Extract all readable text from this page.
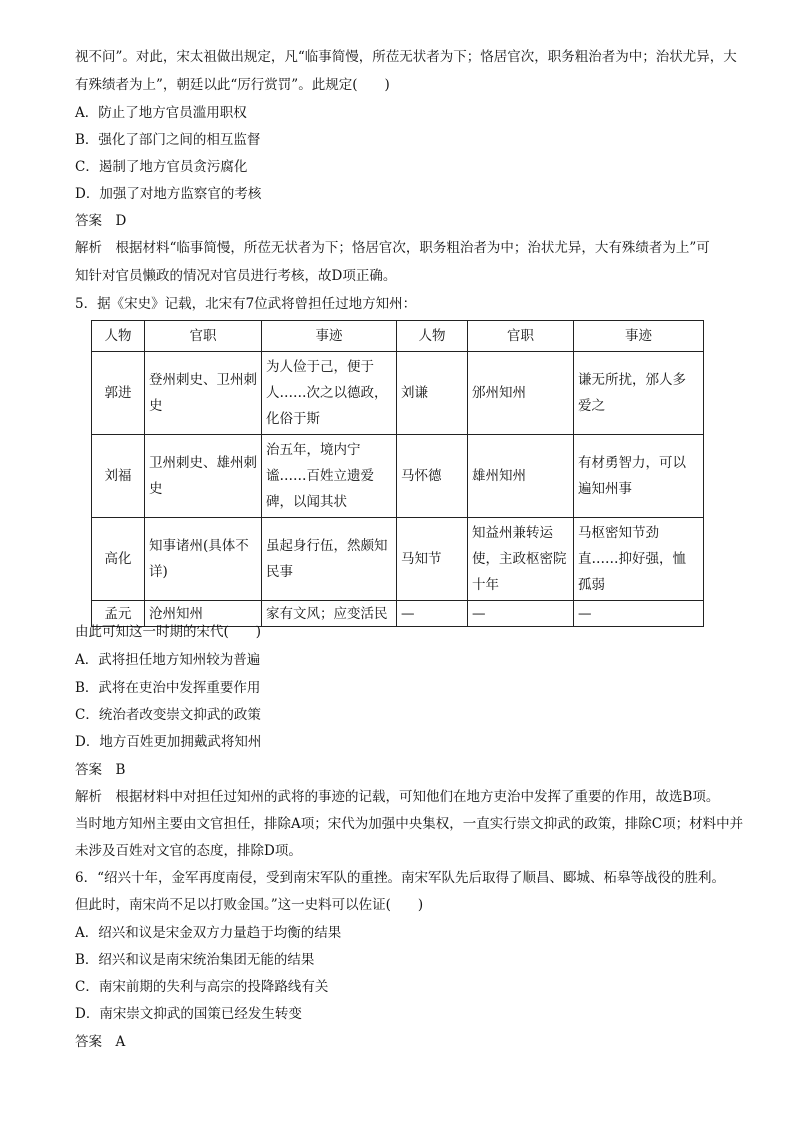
视不问”。对此，宋太祖做出规定，凡“临事简慢，所莅无状者为下；恪居官次，职务粗治者为中；治状尤异，大
有殊绩者为上”，朝廷以此“厉行赏罚”。此规定(　　)
A．防止了地方官员滥用职权
B．强化了部门之间的相互监督
C．遏制了地方官员贪污腐化
D．加强了对地方监察官的考核
答案　D
解析　根据材料“临事简慢，所莅无状者为下；恪居官次，职务粗治者为中；治状尤异，大有殊绩者为上”可
知针对官员懒政的情况对官员进行考核，故D项正确。
5．据《宋史》记载，北宋有7位武将曾担任过地方知州：
人物	官职	事迹	人物	官职	事迹
郭进	登州刺史、卫州刺史	为人俭于己，便于人……次之以德政，化俗于斯	刘谦	邠州知州	谦无所扰，邠人多爱之
刘福	卫州刺史、雄州刺史	治五年，境内宁谧……百姓立遗爱碑，以闻其状	马怀德	雄州知州	有材勇智力，可以遍知州事
高化	知事诸州(具体不详)	虽起身行伍，然颇知民事	马知节	知益州兼转运使，主政枢密院十年	马枢密知节劲直……抑好强，恤孤弱
孟元	沧州知州	家有文风；应变活民	—	—	—
由此可知这一时期的宋代(　　)
A．武将担任地方知州较为普遍
B．武将在吏治中发挥重要作用
C．统治者改变崇文抑武的政策
D．地方百姓更加拥戴武将知州
答案　B
解析　根据材料中对担任过知州的武将的事迹的记载，可知他们在地方吏治中发挥了重要的作用，故选B项。
当时地方知州主要由文官担任，排除A项；宋代为加强中央集权，一直实行崇文抑武的政策，排除C项；材料中并
未涉及百姓对文官的态度，排除D项。
6．“绍兴十年，金军再度南侵，受到南宋军队的重挫。南宋军队先后取得了顺昌、郾城、柘皋等战役的胜利。
但此时，南宋尚不足以打败金国。”这一史料可以佐证(　　)
A．绍兴和议是宋金双方力量趋于均衡的结果
B．绍兴和议是南宋统治集团无能的结果
C．南宋前期的失利与高宗的投降路线有关
D．南宋崇文抑武的国策已经发生转变
答案　A
